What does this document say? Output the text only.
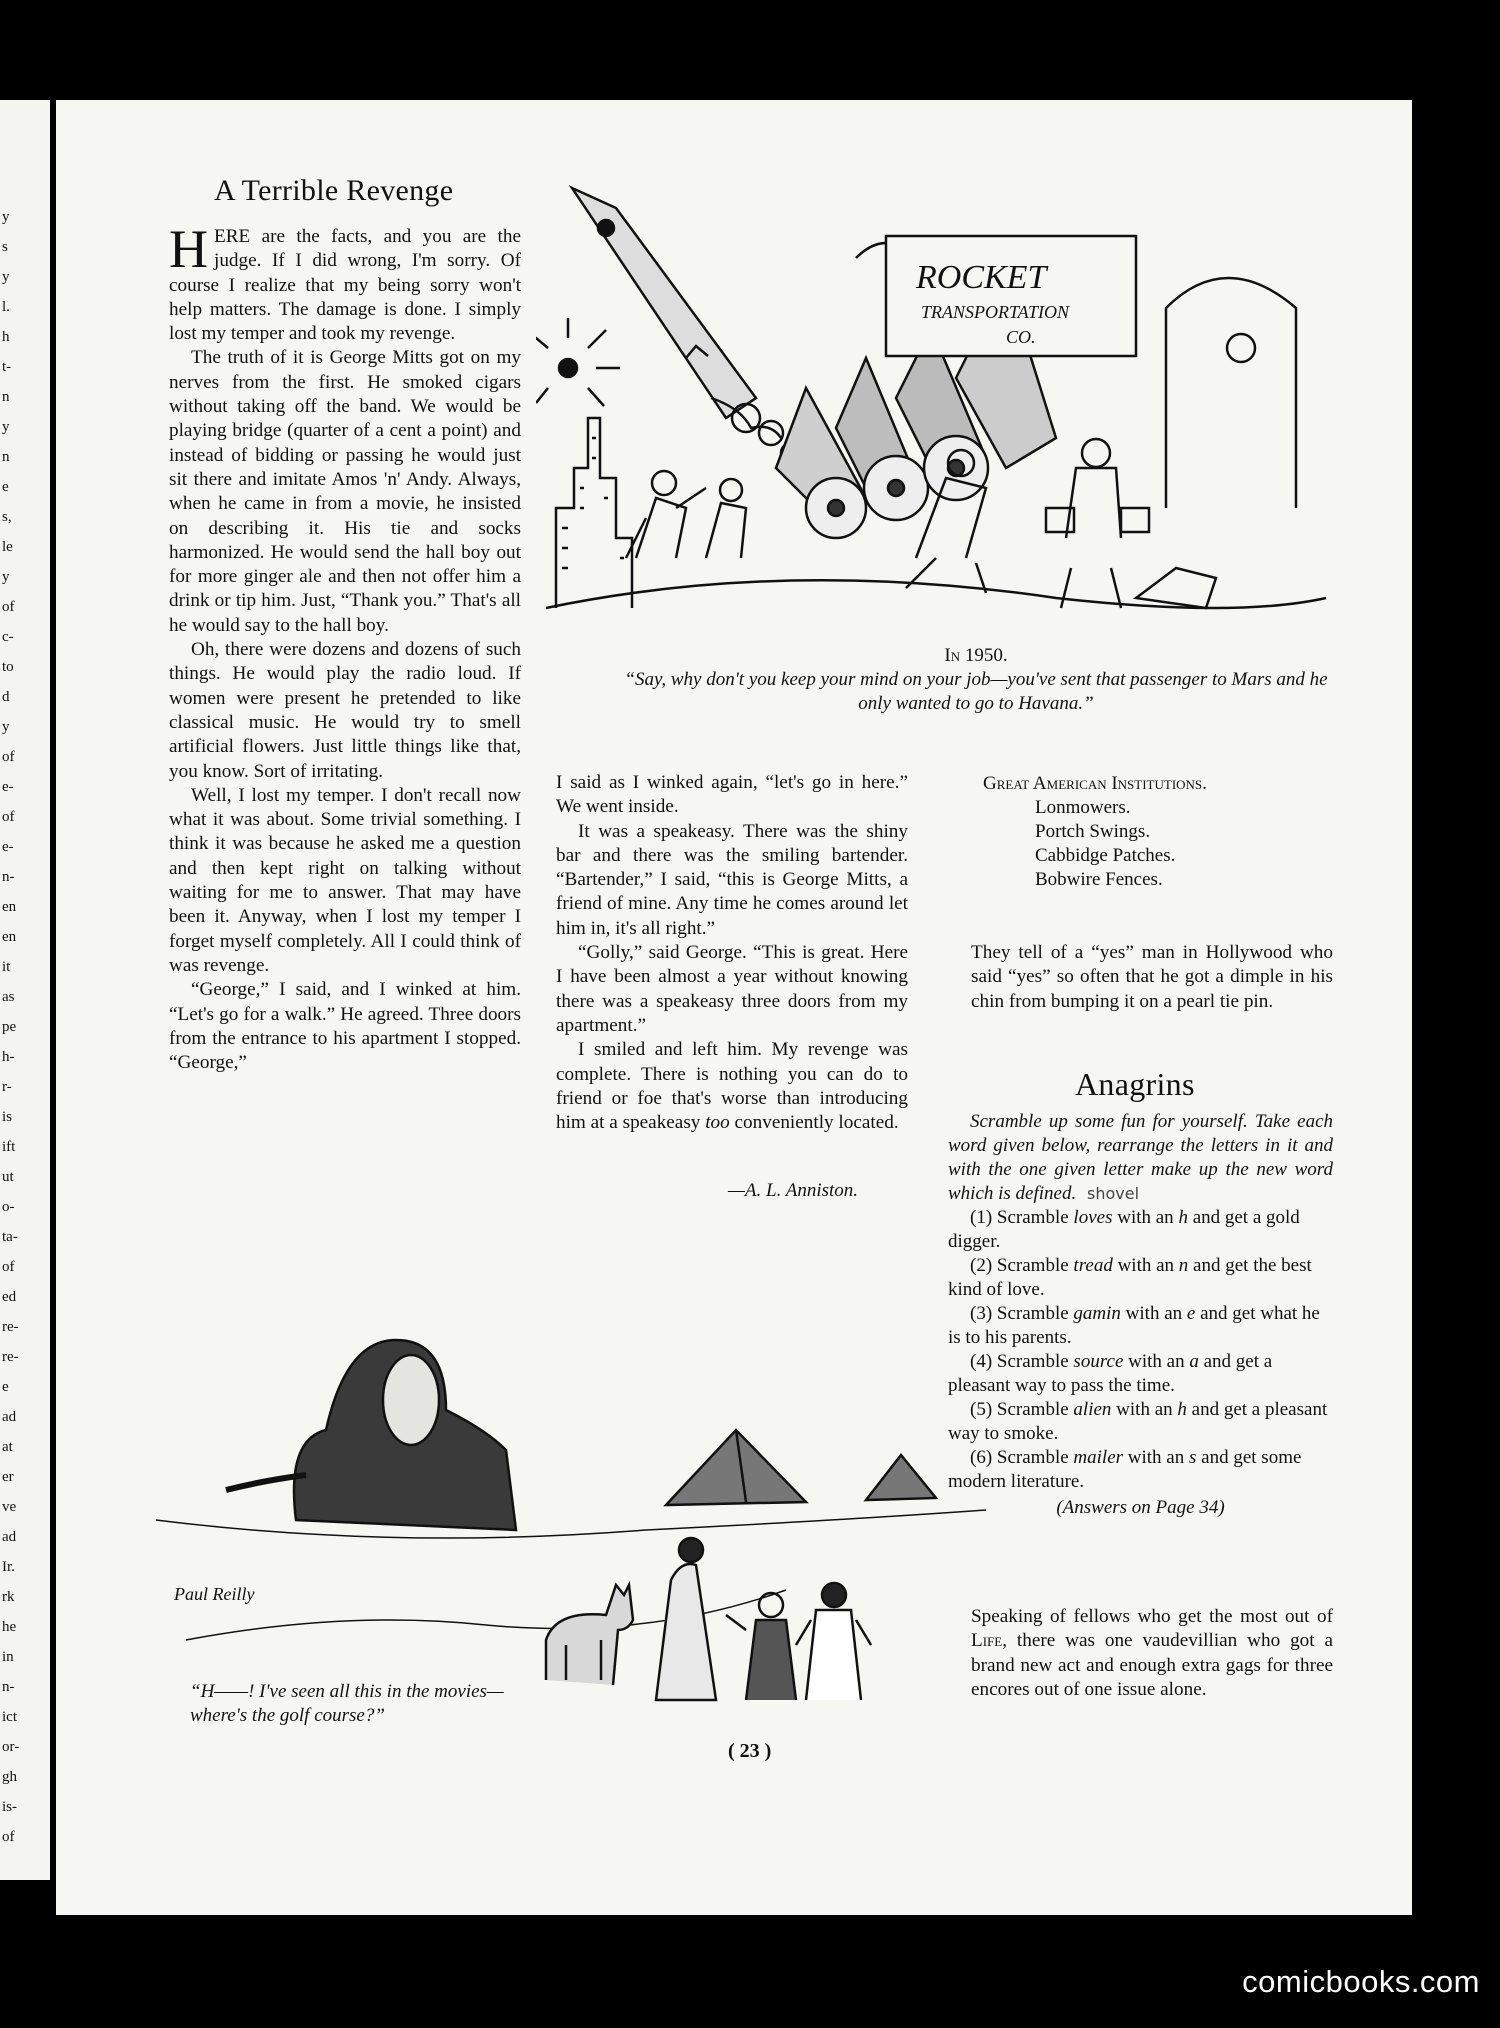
y
s
y
l.
h
t-
n
y
n
e
s,
le
y
of
c-
to
d
y
of
e-
of
e-
n-
en
en
it
as
pe
h-
r-
is
ift
ut
o-
ta-
of
ed
re-
re-
e
ad
at
er
ve
ad
Ir.
rk
he
in
n-
ict
or-
gh
is-
of
A Terrible Revenge

HERE are the facts, and you are the judge. If I did wrong, I'm sorry. Of course I realize that my being sorry won't help matters. The damage is done. I simply lost my temper and took my revenge.

The truth of it is George Mitts got on my nerves from the first. He smoked cigars without taking off the band. We would be playing bridge (quarter of a cent a point) and instead of bidding or passing he would just sit there and imitate Amos 'n' Andy. Always, when he came in from a movie, he insisted on describing it. His tie and socks harmonized. He would send the hall boy out for more ginger ale and then not offer him a drink or tip him. Just, “Thank you.” That's all he would say to the hall boy.

Oh, there were dozens and dozens of such things. He would play the radio loud. If women were present he pretended to like classical music. He would try to smell artificial flowers. Just little things like that, you know. Sort of irritating.

Well, I lost my temper. I don't recall now what it was about. Some trivial something. I think it was because he asked me a question and then kept right on talking without waiting for me to answer. That may have been it. Anyway, when I lost my temper I forget myself completely. All I could think of was revenge.

“George,” I said, and I winked at him. “Let's go for a walk.” He agreed. Three doors from the entrance to his apartment I stopped. “George,”

I said as I winked again, “let's go in here.” We went inside.

It was a speakeasy. There was the shiny bar and there was the smiling bartender. “Bartender,” I said, “this is George Mitts, a friend of mine. Any time he comes around let him in, it's all right.”

“Golly,” said George. “This is great. Here I have been almost a year without knowing there was a speakeasy three doors from my apartment.”

I smiled and left him. My revenge was complete. There is nothing you can do to friend or foe that's worse than introducing him at a speakeasy too conveniently located.

—A. L. Anniston.
ROCKET
TRANSPORTATION
CO.
In 1950.
“Say, why don't you keep your mind on your job—you've sent that passenger to Mars and he only wanted to go to Havana.”
Great American Institutions.
Lonmowers.
Portch Swings.
Cabbidge Patches.
Bobwire Fences.

They tell of a “yes” man in Hollywood who said “yes” so often that he got a dimple in his chin from bumping it on a pearl tie pin.

Anagrins
Scramble up some fun for yourself. Take each word given below, rearrange the letters in it and with the one given letter make up the new word which is defined. shovel
(1) Scramble loves with an h and get a gold digger.
(2) Scramble tread with an n and get the best kind of love.
(3) Scramble gamin with an e and get what he is to his parents.
(4) Scramble source with an a and get a pleasant way to pass the time.
(5) Scramble alien with an h and get a pleasant way to smoke.
(6) Scramble mailer with an s and get some modern literature.
(Answers on Page 34)

Speaking of fellows who get the most out of Life, there was one vaudevillian who got a brand new act and enough extra gags for three encores out of one issue alone.

Paul Reilly
“H——! I've seen all this in the movies—where's the golf course?”
( 23 )
comicbooks.com
